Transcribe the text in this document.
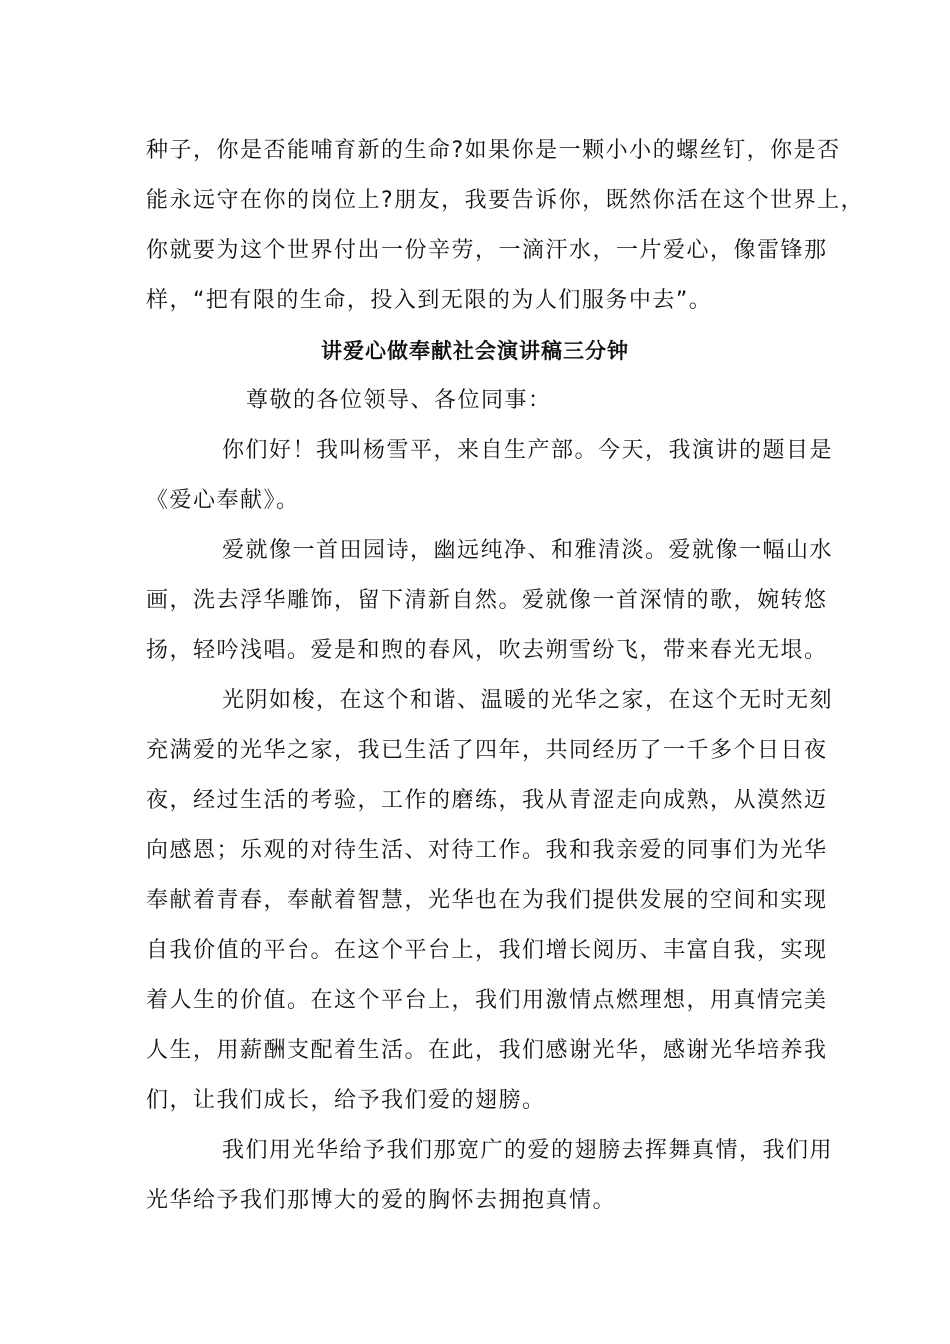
种子，你是否能哺育新的生命?如果你是一颗小小的螺丝钉，你是否
能永远守在你的岗位上?朋友，我要告诉你，既然你活在这个世界上，
你就要为这个世界付出一份辛劳，一滴汗水，一片爱心，像雷锋那
样，“把有限的生命，投入到无限的为人们服务中去”。
讲爱心做奉献社会演讲稿三分钟
尊敬的各位领导、各位同事：
你们好！我叫杨雪平，来自生产部。今天，我演讲的题目是
《爱心奉献》。
爱就像一首田园诗，幽远纯净、和雅清淡。爱就像一幅山水
画，洗去浮华雕饰，留下清新自然。爱就像一首深情的歌，婉转悠
扬，轻吟浅唱。爱是和煦的春风，吹去朔雪纷飞，带来春光无垠。
光阴如梭，在这个和谐、温暖的光华之家，在这个无时无刻
充满爱的光华之家，我已生活了四年，共同经历了一千多个日日夜
夜，经过生活的考验，工作的磨练，我从青涩走向成熟，从漠然迈
向感恩；乐观的对待生活、对待工作。我和我亲爱的同事们为光华
奉献着青春，奉献着智慧，光华也在为我们提供发展的空间和实现
自我价值的平台。在这个平台上，我们增长阅历、丰富自我，实现
着人生的价值。在这个平台上，我们用激情点燃理想，用真情完美
人生，用薪酬支配着生活。在此，我们感谢光华，感谢光华培养我
们，让我们成长，给予我们爱的翅膀。
我们用光华给予我们那宽广的爱的翅膀去挥舞真情，我们用
光华给予我们那博大的爱的胸怀去拥抱真情。
